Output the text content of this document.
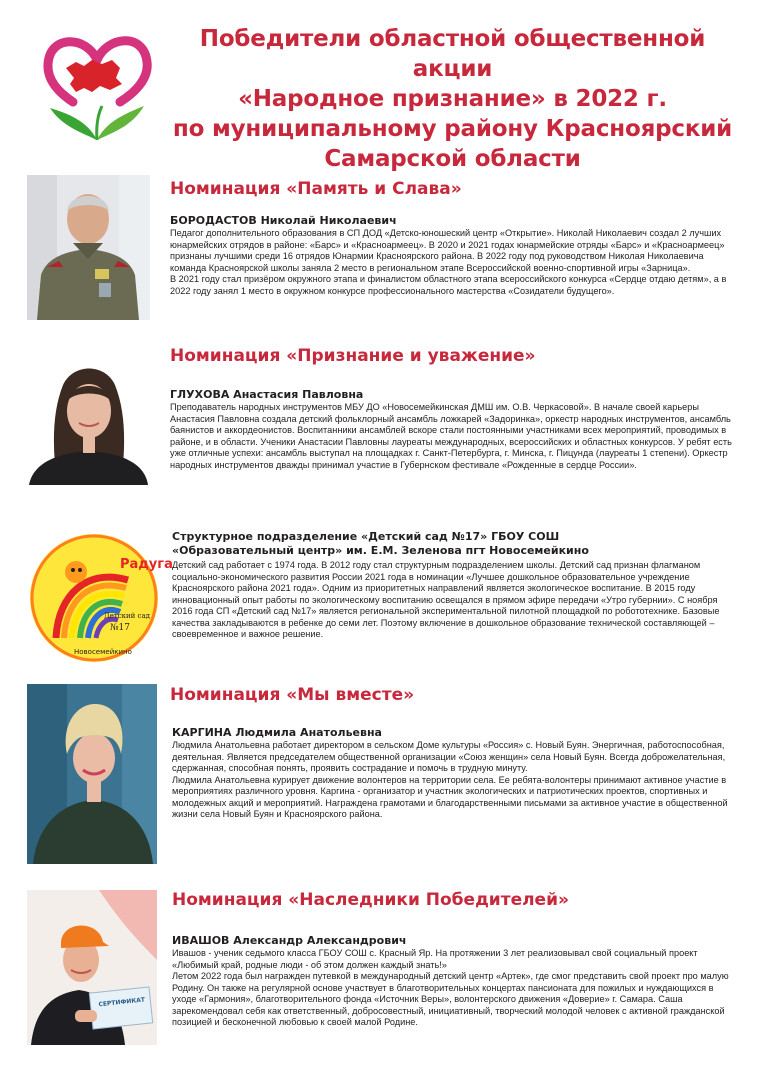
Победители областной общественной акции
«Народное признание» в 2022 г.
по муниципальному району Красноярский
Самарской области
Номинация «Память и Слава»
БОРОДАСТОВ Николай Николаевич

Педагог дополнительного образования в СП ДОД «Детско-юношеский центр «Открытие». Николай Николаевич создал 2 лучших юнармейских отрядов в районе: «Барс» и «Красноармеец». В 2020 и 2021 годах юнармейские отряды «Барс» и «Красноармеец» признаны лучшими среди 16 отрядов Юнармии Красноярского района. В 2022 году под руководством Николая Николаевича команда Красноярской школы заняла 2 место в региональном этапе Всероссийской военно-спортивной игры «Зарница».

В 2021 году стал призёром окружного этапа и финалистом областного этапа всероссийского конкурса «Сердце отдаю детям», а в 2022 году занял 1 место в окружном конкурсе профессионального мастерства «Созидатели будущего».

Номинация «Признание и уважение»
ГЛУХОВА Анастасия Павловна

Преподаватель народных инструментов МБУ ДО «Новосемейкинская ДМШ им. О.В. Черкасовой». В начале своей карьеры Анастасия Павловна создала детский фольклорный ансамбль ложкарей «Задоринка», оркестр народных инструментов, ансамбль баянистов и аккордеонистов. Воспитанники ансамблей вскоре стали постоянными участниками всех мероприятий, проводимых в районе, и в области. Ученики Анастасии Павловны лауреаты международных, всероссийских и областных конкурсов. У ребят есть уже отличные успехи: ансамбль выступал на площадках г. Санкт-Петербурга, г. Минска, г. Пицунда (лауреаты 1 степени). Оркестр народных инструментов дважды принимал участие в Губернском фестивале «Рожденные в сердце России».

Радуга
Детский сад
№17
Новосемейкино
Структурное подразделение «Детский сад №17» ГБОУ СОШ
«Образовательный центр» им. Е.М. Зеленова пгт Новосемейкино

Детский сад работает с 1974 года. В 2012 году стал структурным подразделением школы. Детский сад признан флагманом социально-экономического развития России 2021 года в номинации «Лучшее дошкольное образовательное учреждение Красноярского района 2021 года». Одним из приоритетных направлений является экологическое воспитание. В 2015 году инновационный опыт работы по экологическому воспитанию освещался в прямом эфире передачи «Утро губернии». С ноября 2016 года СП «Детский сад №17» является региональной экспериментальной пилотной площадкой по робототехнике. Базовые качества закладываются в ребенке до семи лет. Поэтому включение в дошкольное образование технической составляющей – своевременное и важное решение.

Номинация «Мы вместе»
КАРГИНА Людмила Анатольевна

Людмила Анатольевна работает директором в сельском Доме культуры «Россия» с. Новый Буян. Энергичная, работоспособная, деятельная. Является председателем общественной организации «Союз женщин» села Новый Буян. Всегда доброжелательная, сдержанная, способная понять, проявить сострадание и помочь в трудную минуту.

Людмила Анатольевна курирует движение волонтеров на территории села. Ее ребята-волонтеры принимают активное участие в мероприятиях различного уровня. Каргина - организатор и участник экологических и патриотических проектов, спортивных и молодежных акций и мероприятий. Награждена грамотами и благодарственными письмами за активное участие в общественной жизни села Новый Буян и Красноярского района.

СЕРТИФИКАТ
Номинация «Наследники Победителей»
ИВАШОВ Александр Александрович

Ивашов - ученик седьмого класса ГБОУ СОШ с. Красный Яр. На протяжении 3 лет реализовывал свой социальный проект «Любимый край, родные люди - об этом должен каждый знать!»

Летом 2022 года был награжден путевкой в международный детский центр «Артек», где смог представить свой проект про малую Родину. Он также на регулярной основе участвует в благотворительных концертах пансионата для пожилых и нуждающихся в уходе «Гармония», благотворительного фонда «Источник Веры», волонтерского движения «Доверие» г. Самара. Саша зарекомендовал себя как ответственный, добросовестный, инициативный, творческий молодой человек с активной гражданской позицией и бесконечной любовью к своей малой Родине.
